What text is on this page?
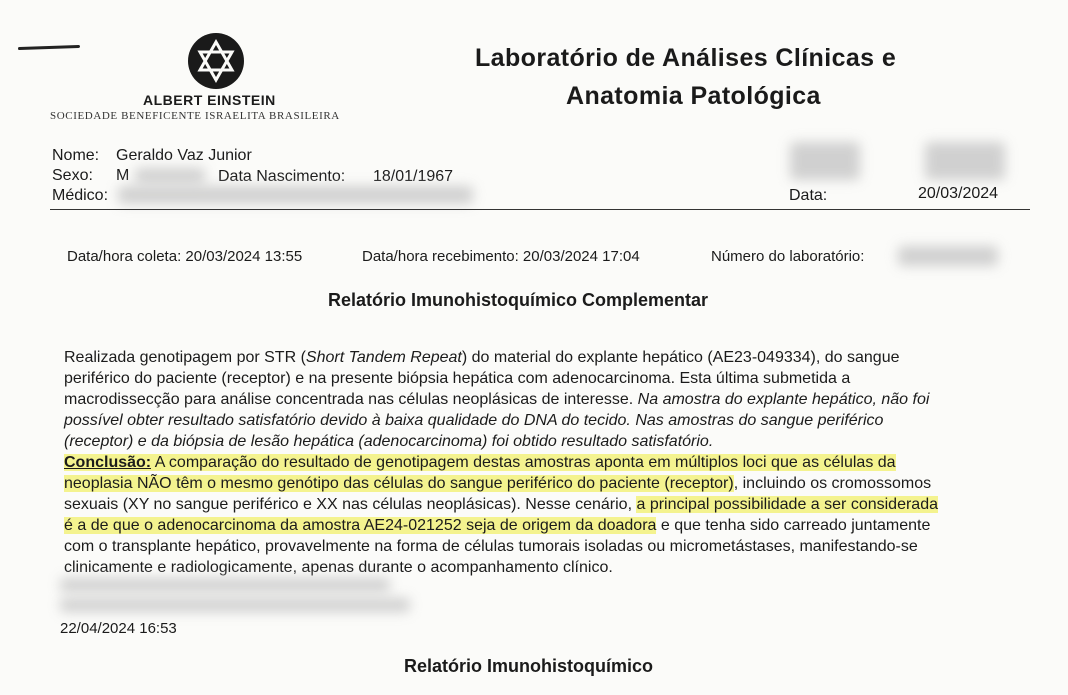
ALBERT EINSTEIN
SOCIEDADE BENEFICENTE ISRAELITA BRASILEIRA
Laboratório de Análises Clínicas e
Anatomia Patológica
Nome: Geraldo Vaz Junior
Sexo: M	Data Nascimento: 18/01/1967
Médico:	Data:	20/03/2024
Data/hora coleta: 20/03/2024 13:55	Data/hora recebimento: 20/03/2024 17:04	Número do laboratório:
Relatório Imunohistoquímico Complementar
Realizada genotipagem por STR (Short Tandem Repeat) do material do explante hepático (AE23-049334), do sangue
periférico do paciente (receptor) e na presente biópsia hepática com adenocarcinoma. Esta última submetida a
macrodissecção para análise concentrada nas células neoplásicas de interesse. Na amostra do explante hepático, não foi
possível obter resultado satisfatório devido à baixa qualidade do DNA do tecido. Nas amostras do sangue periférico
(receptor) e da biópsia de lesão hepática (adenocarcinoma) foi obtido resultado satisfatório.
Conclusão: A comparação do resultado de genotipagem destas amostras aponta em múltiplos loci que as células da
neoplasia NÃO têm o mesmo genótipo das células do sangue periférico do paciente (receptor), incluindo os cromossomos
sexuais (XY no sangue periférico e XX nas células neoplásicas). Nesse cenário, a principal possibilidade a ser considerada
é a de que o adenocarcinoma da amostra AE24-021252 seja de origem da doadora e que tenha sido carreado juntamente
com o transplante hepático, provavelmente na forma de células tumorais isoladas ou micrometástases, manifestando-se
clinicamente e radiologicamente, apenas durante o acompanhamento clínico.
22/04/2024 16:53
Relatório Imunohistoquímico
